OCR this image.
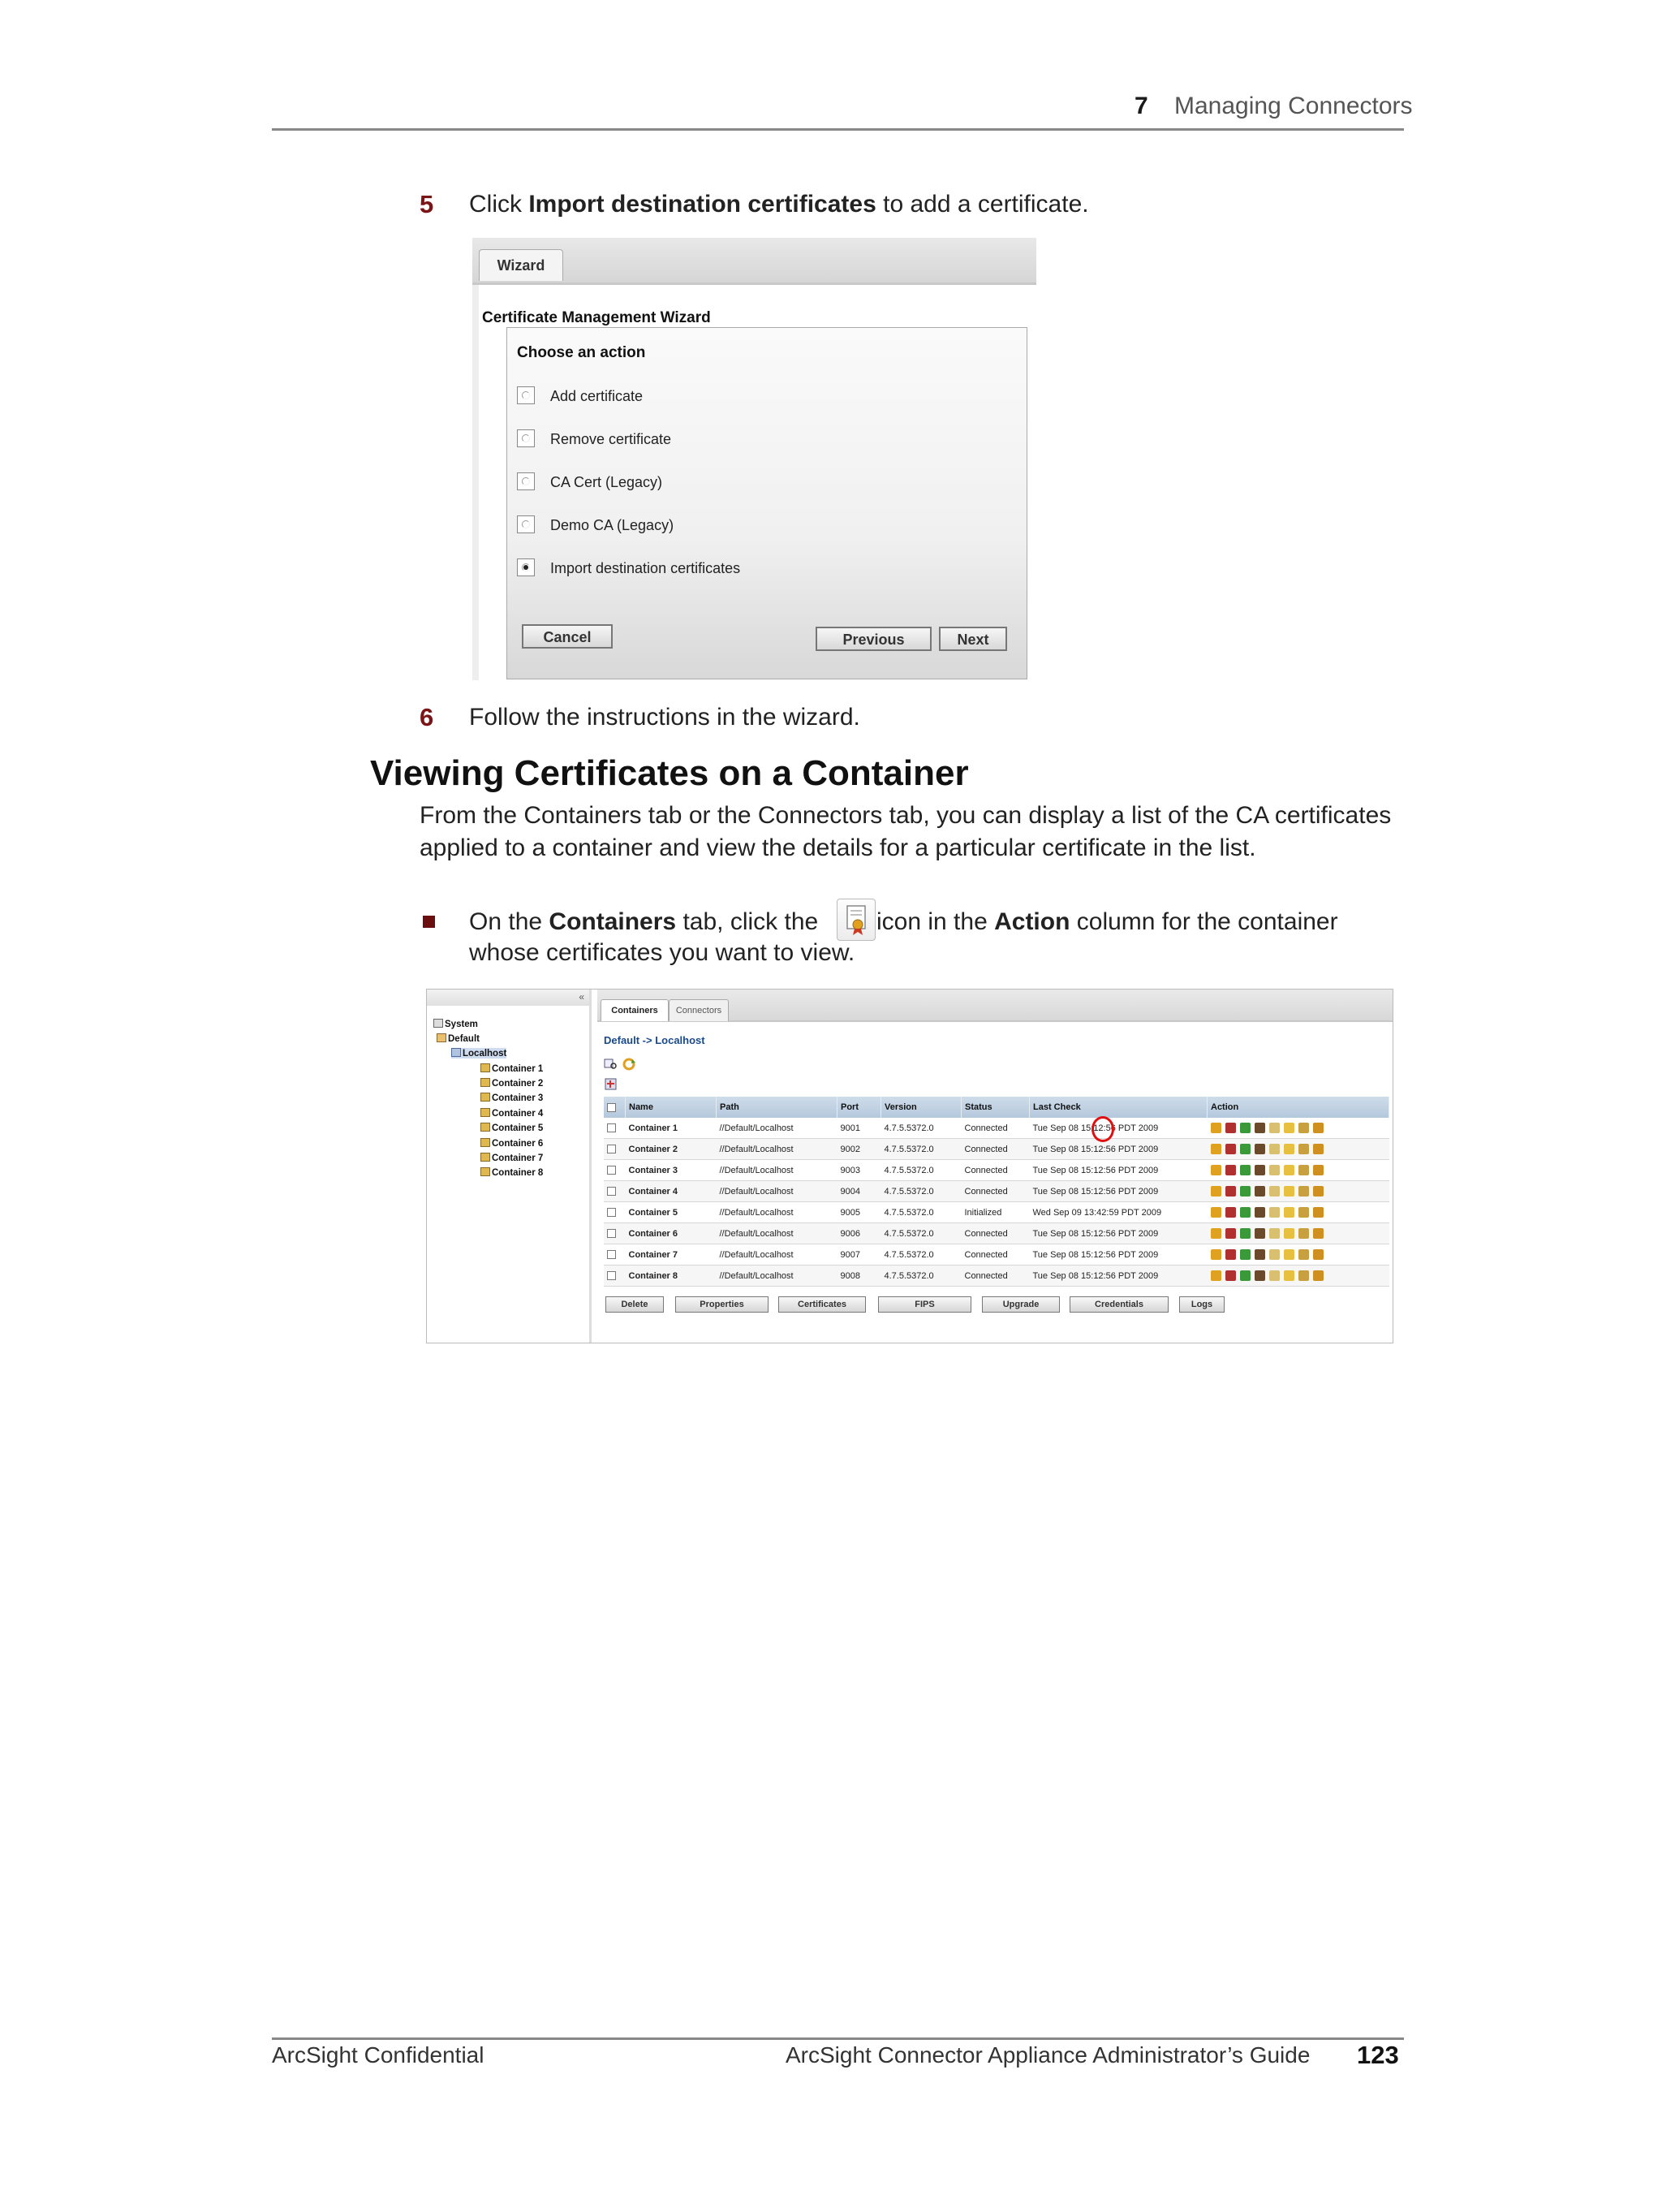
7 Managing Connectors
5 Click Import destination certificates to add a certificate.
Wizard
Certificate Management Wizard
Choose an action
Add certificate
Remove certificate
CA Cert (Legacy)
Demo CA (Legacy)
Import destination certificates
Cancel	Previous	Next
6 Follow the instructions in the wizard.
Viewing Certificates on a Container
From the Containers tab or the Connectors tab, you can display a list of the CA certificates
applied to a container and view the details for a particular certificate in the list.
On the Containers tab, click the icon in the Action column for the container
whose certificates you want to view.
«
System
Default
Localhost
Container 1
Container 2
Container 3
Container 4
Container 5
Container 6
Container 7
Container 8
Containers	Connectors
Default -> Localhost
	Name	Path	Port	Version	Status	Last Check	Action
	Container 1	//Default/Localhost	9001	4.7.5.5372.0	Connected	Tue Sep 08 15:12:56 PDT 2009	
	Container 2	//Default/Localhost	9002	4.7.5.5372.0	Connected	Tue Sep 08 15:12:56 PDT 2009	
	Container 3	//Default/Localhost	9003	4.7.5.5372.0	Connected	Tue Sep 08 15:12:56 PDT 2009	
	Container 4	//Default/Localhost	9004	4.7.5.5372.0	Connected	Tue Sep 08 15:12:56 PDT 2009	
	Container 5	//Default/Localhost	9005	4.7.5.5372.0	Initialized	Wed Sep 09 13:42:59 PDT 2009	
	Container 6	//Default/Localhost	9006	4.7.5.5372.0	Connected	Tue Sep 08 15:12:56 PDT 2009	
	Container 7	//Default/Localhost	9007	4.7.5.5372.0	Connected	Tue Sep 08 15:12:56 PDT 2009	
	Container 8	//Default/Localhost	9008	4.7.5.5372.0	Connected	Tue Sep 08 15:12:56 PDT 2009	
Delete	Properties	Certificates	FIPS	Upgrade	Credentials	Logs
ArcSight Confidential	ArcSight Connector Appliance Administrator’s Guide 123
